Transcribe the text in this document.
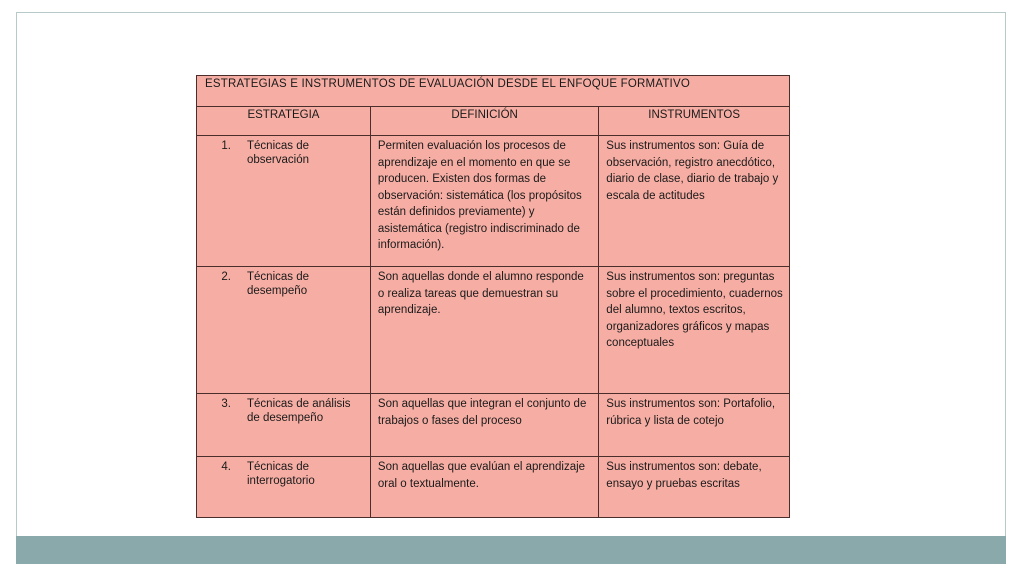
ESTRATEGIAS E INSTRUMENTOS DE EVALUACIÓN DESDE EL ENFOQUE FORMATIVO		
ESTRATEGIA	DEFINICIÓN	INSTRUMENTOS

1. Técnicas de observación	Permiten evaluación los procesos de aprendizaje en el momento en que se producen. Existen dos formas de observación: sistemática (los propósitos están definidos previamente) y asistemática (registro indiscriminado de información).	Sus instrumentos son: Guía de observación, registro anecdótico, diario de clase, diario de trabajo y escala de actitudes

2. Técnicas de desempeño	Son aquellas donde el alumno responde o realiza tareas que demuestran su aprendizaje.	Sus instrumentos son: preguntas sobre el procedimiento, cuadernos del alumno, textos escritos, organizadores gráficos y mapas conceptuales

3. Técnicas de análisis de desempeño	Son aquellas que integran el conjunto de trabajos o fases del proceso	Sus instrumentos son: Portafolio, rúbrica y lista de cotejo

4. Técnicas de interrogatorio	Son aquellas que evalúan el aprendizaje oral o textualmente.	Sus instrumentos son: debate, ensayo y pruebas escritas
